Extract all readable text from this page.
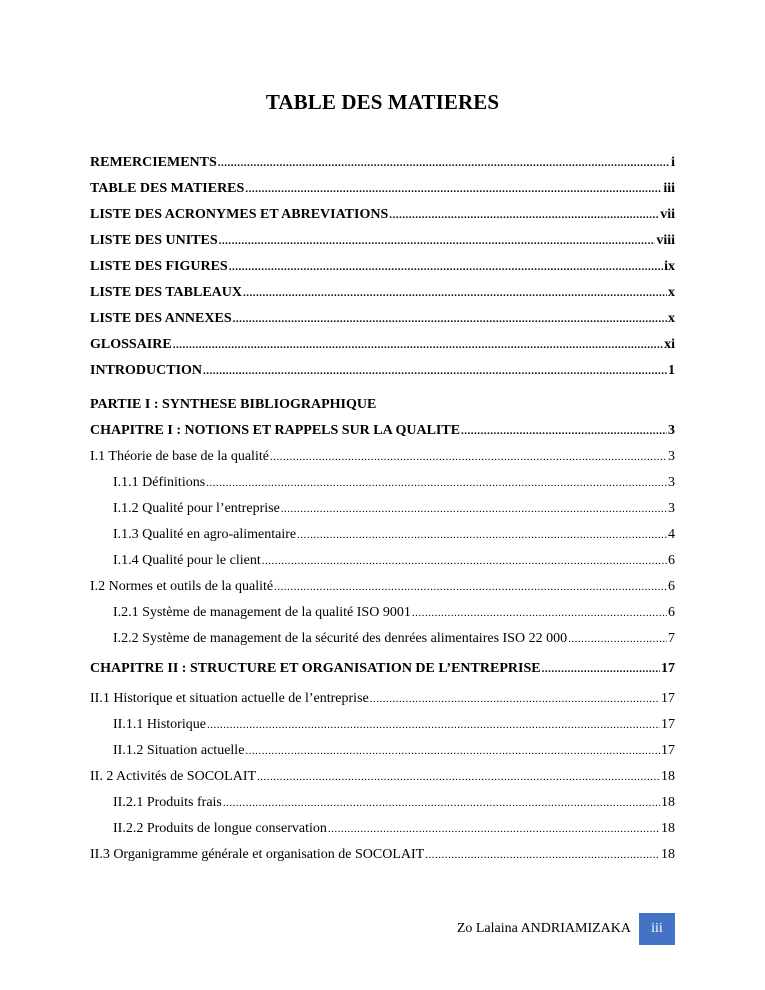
TABLE DES MATIERES
REMERCIEMENTS .....	i
TABLE DES MATIERES .....	iii
LISTE DES ACRONYMES ET ABREVIATIONS .....	vii
LISTE DES UNITES .....	viii
LISTE DES FIGURES .....	ix
LISTE DES TABLEAUX .....	x
LISTE DES ANNEXES .....	x
GLOSSAIRE .....	xi
INTRODUCTION .....	1
PARTIE I : SYNTHESE BIBLIOGRAPHIQUE
CHAPITRE I : NOTIONS ET RAPPELS SUR LA QUALITE .....	3
I.1 Théorie de base de la qualité .....	3
I.1.1 Définitions .....	3
I.1.2 Qualité pour l’entreprise .....	3
I.1.3 Qualité en agro-alimentaire .....	4
I.1.4 Qualité pour le client .....	6
I.2 Normes et outils de la qualité .....	6
I.2.1 Système de management de la qualité ISO 9001 .....	6
I.2.2 Système de management de la sécurité des denrées alimentaires ISO 22 000 .....	7
CHAPITRE II : STRUCTURE ET ORGANISATION DE L’ENTREPRISE .....	17
II.1 Historique et situation actuelle de l’entreprise .....	17
II.1.1 Historique .....	17
II.1.2 Situation actuelle .....	17
II. 2 Activités de SOCOLAIT .....	18
II.2.1 Produits frais .....	18
II.2.2 Produits de longue conservation .....	18
II.3 Organigramme générale et organisation de SOCOLAIT .....	18
Zo Lalaina ANDRIAMIZAKA	iii
